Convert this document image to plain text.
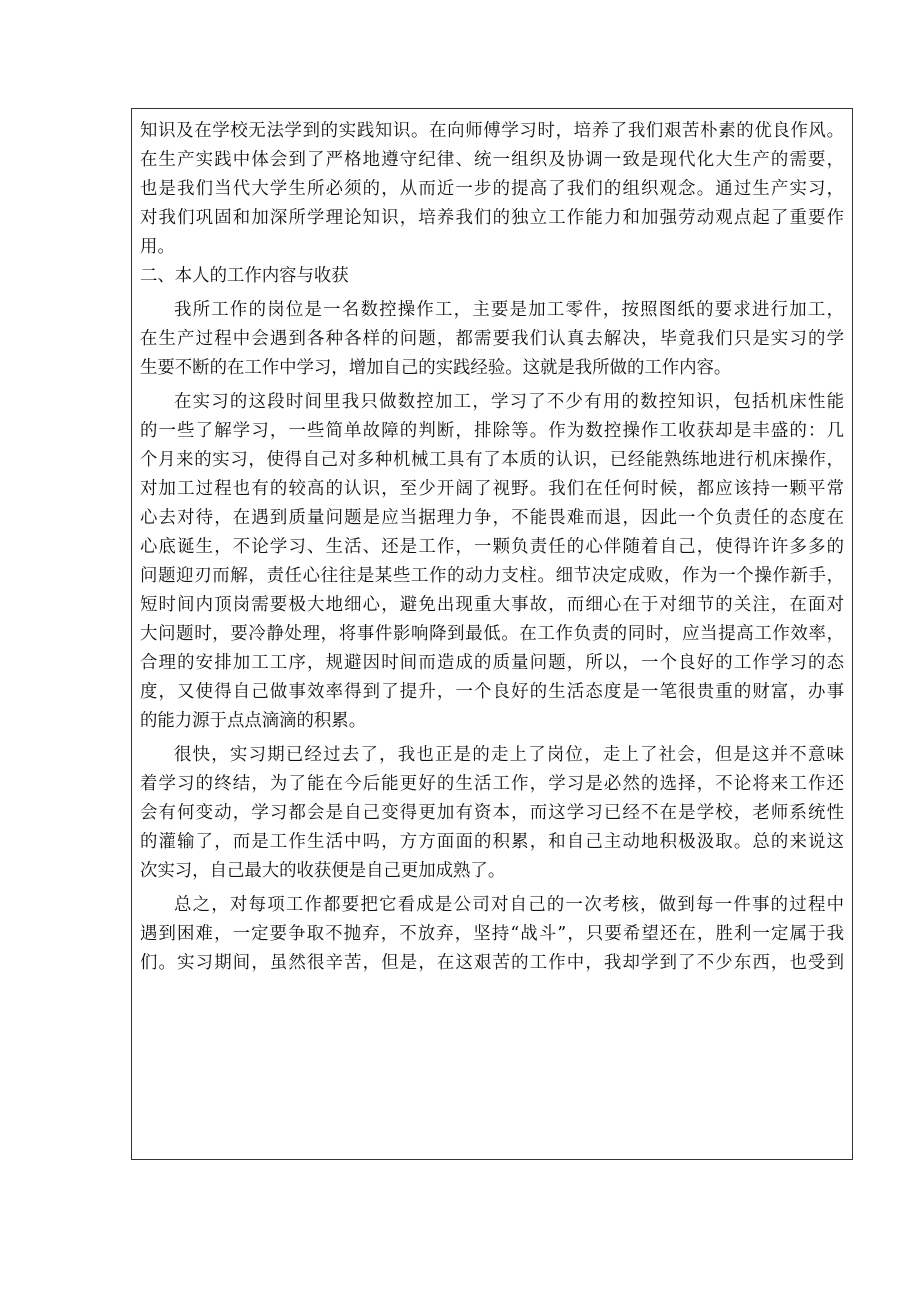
知识及在学校无法学到的实践知识。在向师傅学习时，培养了我们艰苦朴素的优良作风。
在生产实践中体会到了严格地遵守纪律、统一组织及协调一致是现代化大生产的需要，
也是我们当代大学生所必须的，从而近一步的提高了我们的组织观念。通过生产实习，
对我们巩固和加深所学理论知识，培养我们的独立工作能力和加强劳动观点起了重要作
用。
二、本人的工作内容与收获
我所工作的岗位是一名数控操作工，主要是加工零件，按照图纸的要求进行加工，
在生产过程中会遇到各种各样的问题，都需要我们认真去解决，毕竟我们只是实习的学
生要不断的在工作中学习，增加自己的实践经验。这就是我所做的工作内容。
在实习的这段时间里我只做数控加工，学习了不少有用的数控知识，包括机床性能
的一些了解学习，一些简单故障的判断，排除等。作为数控操作工收获却是丰盛的：几
个月来的实习，使得自己对多种机械工具有了本质的认识，已经能熟练地进行机床操作，
对加工过程也有的较高的认识，至少开阔了视野。我们在任何时候，都应该持一颗平常
心去对待，在遇到质量问题是应当据理力争，不能畏难而退，因此一个负责任的态度在
心底诞生，不论学习、生活、还是工作，一颗负责任的心伴随着自己，使得许许多多的
问题迎刃而解，责任心往往是某些工作的动力支柱。细节决定成败，作为一个操作新手，
短时间内顶岗需要极大地细心，避免出现重大事故，而细心在于对细节的关注，在面对
大问题时，要冷静处理，将事件影响降到最低。在工作负责的同时，应当提高工作效率，
合理的安排加工工序，规避因时间而造成的质量问题，所以，一个良好的工作学习的态
度，又使得自己做事效率得到了提升，一个良好的生活态度是一笔很贵重的财富，办事
的能力源于点点滴滴的积累。
很快，实习期已经过去了，我也正是的走上了岗位，走上了社会，但是这并不意味
着学习的终结，为了能在今后能更好的生活工作，学习是必然的选择，不论将来工作还
会有何变动，学习都会是自己变得更加有资本，而这学习已经不在是学校，老师系统性
的灌输了，而是工作生活中吗，方方面面的积累，和自己主动地积极汲取。总的来说这
次实习，自己最大的收获便是自己更加成熟了。
总之，对每项工作都要把它看成是公司对自己的一次考核，做到每一件事的过程中
遇到困难，一定要争取不抛弃，不放弃，坚持“战斗”，只要希望还在，胜利一定属于我
们。实习期间，虽然很辛苦，但是，在这艰苦的工作中，我却学到了不少东西，也受到
